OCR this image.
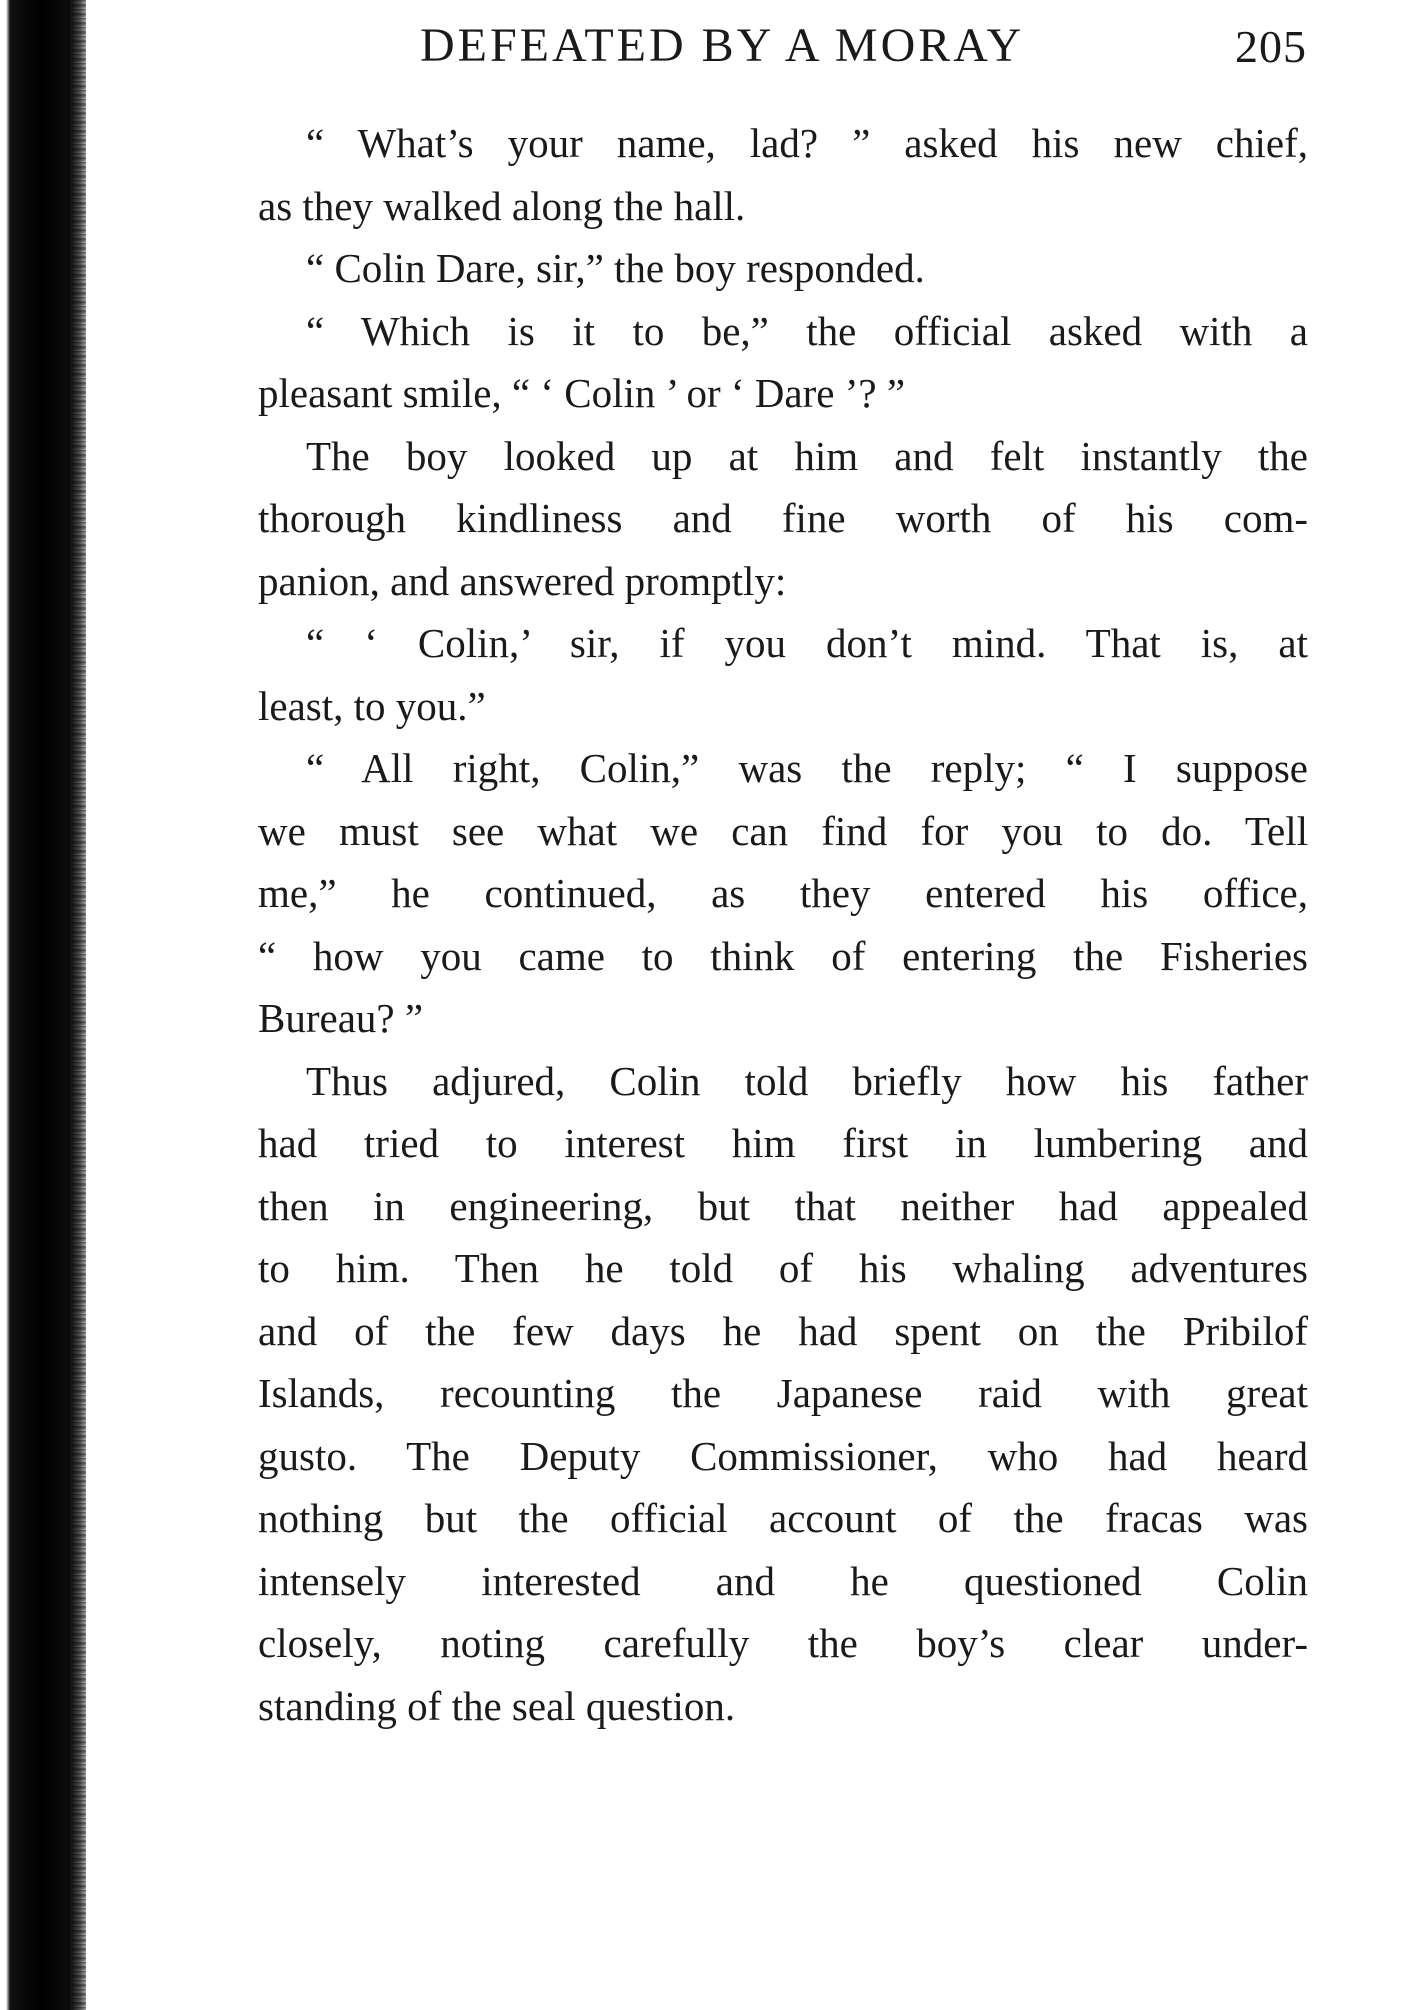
DEFEATED BY A MORAY	205
“ What’s your name, lad? ” asked his new chief,
as they walked along the hall.
“ Colin Dare, sir,” the boy responded.
“ Which is it to be,” the official asked with a
pleasant smile, “ ‘ Colin ’ or ‘ Dare ’? ”
The boy looked up at him and felt instantly the
thorough kindliness and fine worth of his com-
panion, and answered promptly:
“ ‘ Colin,’ sir, if you don’t mind. That is, at
least, to you.”
“ All right, Colin,” was the reply; “ I suppose
we must see what we can find for you to do. Tell
me,” he continued, as they entered his office,
“ how you came to think of entering the Fisheries
Bureau? ”
Thus adjured, Colin told briefly how his father
had tried to interest him first in lumbering and
then in engineering, but that neither had appealed
to him. Then he told of his whaling adventures
and of the few days he had spent on the Pribilof
Islands, recounting the Japanese raid with great
gusto. The Deputy Commissioner, who had heard
nothing but the official account of the fracas was
intensely interested and he questioned Colin
closely, noting carefully the boy’s clear under-
standing of the seal question.
